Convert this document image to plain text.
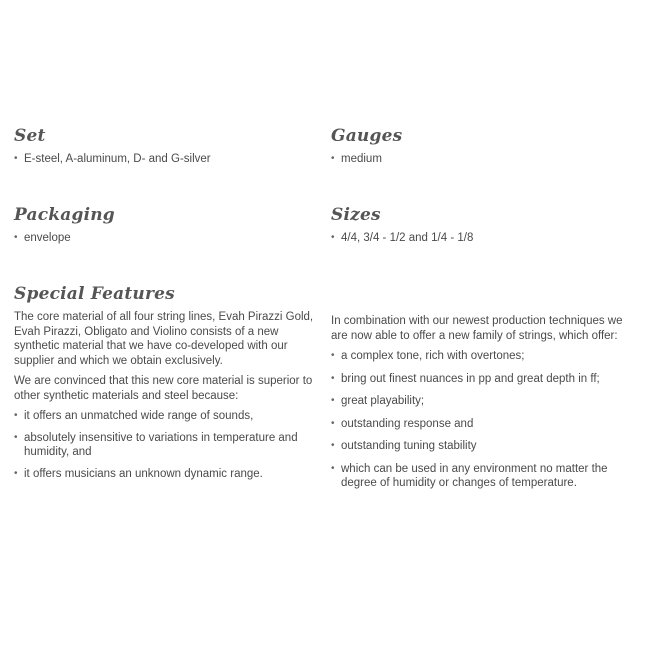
Set
• E-steel, A-aluminum, D- and G-silver
Gauges
• medium
Packaging
• envelope
Sizes
• 4/4, 3/4 - 1/2 and 1/4 - 1/8
Special Features

The core material of all four string lines, Evah Pirazzi Gold, Evah Pirazzi, Obligato and Violino consists of a new synthetic material that we have co-developed with our supplier and which we obtain exclusively.

We are convinced that this new core material is superior to other synthetic materials and steel because:

• it offers an unmatched wide range of sounds,
• absolutely insensitive to variations in temperature and humidity, and
• it offers musicians an unknown dynamic range.

In combination with our newest production techniques we are now able to offer a new family of strings, which offer:

• a complex tone, rich with overtones;
• bring out finest nuances in pp and great depth in ff;
• great playability;
• outstanding response and
• outstanding tuning stability
• which can be used in any environment no matter the degree of humidity or changes of temperature.
